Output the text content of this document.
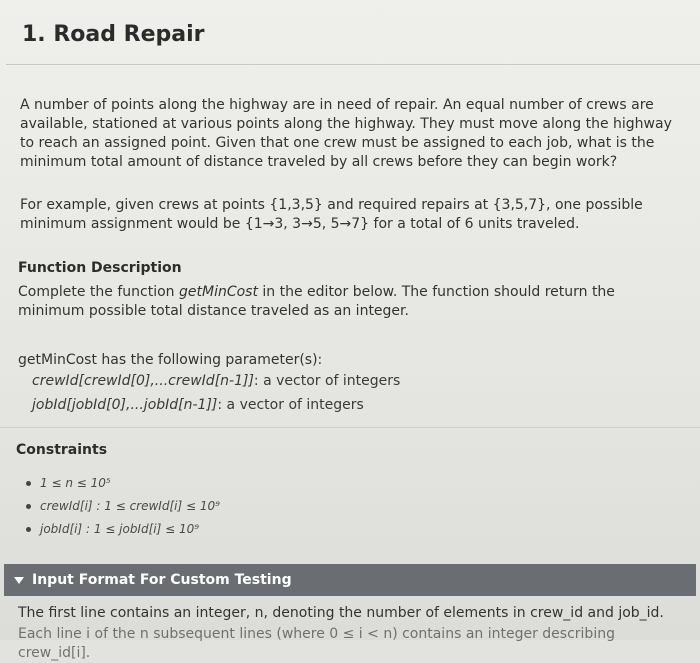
1. Road Repair

A number of points along the highway are in need of repair. An equal number of crews are available, stationed at various points along the highway. They must move along the highway to reach an assigned point. Given that one crew must be assigned to each job, what is the minimum total amount of distance traveled by all crews before they can begin work?

For example, given crews at points {1,3,5} and required repairs at {3,5,7}, one possible minimum assignment would be {1→3, 3→5, 5→7} for a total of 6 units traveled.

Function Description

Complete the function getMinCost in the editor below. The function should return the minimum possible total distance traveled as an integer.

getMinCost has the following parameter(s):

crewId[crewId[0],...crewId[n-1]]: a vector of integers
jobId[jobId[0],...jobId[n-1]]: a vector of integers
Constraints
1 ≤ n ≤ 10⁵
crewId[i] : 1 ≤ crewId[i] ≤ 10⁹
jobId[i] : 1 ≤ jobId[i] ≤ 10⁹
Input Format For Custom Testing

The first line contains an integer, n, denoting the number of elements in crew_id and job_id.

Each line i of the n subsequent lines (where 0 ≤ i < n) contains an integer describing crew_id[i].
